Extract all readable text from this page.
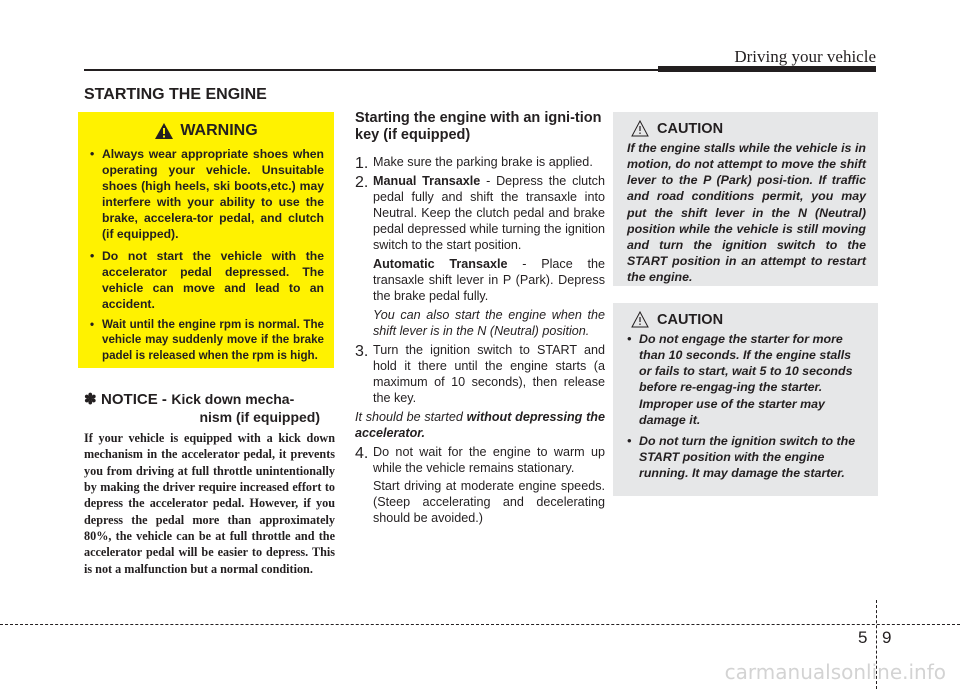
Driving your vehicle
STARTING THE ENGINE
WARNING
• Always wear appropriate shoes when operating your vehicle. Unsuitable shoes (high heels, ski boots,etc.) may interfere with your ability to use the brake, accelera-tor pedal, and clutch (if equipped).
• Do not start the vehicle with the accelerator pedal depressed. The vehicle can move and lead to an accident.
• Wait until the engine rpm is normal. The vehicle may suddenly move if the brake padel is released when the rpm is high.
✽ NOTICE - Kick down mecha-
nism (if equipped)
If your vehicle is equipped with a kick down mechanism in the accelerator pedal, it prevents you from driving at full throttle unintentionally by making the driver require increased effort to depress the accelerator pedal. However, if you depress the pedal more than approximately 80%, the vehicle can be at full throttle and the accelerator pedal will be easier to depress. This is not a malfunction but a normal condition.
Starting the engine with an igni-tion key (if equipped)
1. Make sure the parking brake is applied.

2. Manual Transaxle - Depress the clutch pedal fully and shift the transaxle into Neutral. Keep the clutch pedal and brake pedal depressed while turning the ignition switch to the start position.

Automatic Transaxle - Place the transaxle shift lever in P (Park). Depress the brake pedal fully.

You can also start the engine when the shift lever is in the N (Neutral) position.

3. Turn the ignition switch to START and hold it there until the engine starts (a maximum of 10 seconds), then release the key.

It should be started without depressing the accelerator.

4. Do not wait for the engine to warm up while the vehicle remains stationary.

Start driving at moderate engine speeds. (Steep accelerating and decelerating should be avoided.)

CAUTION

If the engine stalls while the vehicle is in motion, do not attempt to move the shift lever to the P (Park) posi-tion. If traffic and road conditions permit, you may put the shift lever in the N (Neutral) position while the vehicle is still moving and turn the ignition switch to the START position in an attempt to restart the engine.

CAUTION
• Do not engage the starter for more than 10 seconds. If the engine stalls or fails to start, wait 5 to 10 seconds before re-engag-ing the starter. Improper use of the starter may damage it.
• Do not turn the ignition switch to the START position with the engine running. It may damage the starter.
5 9
carmanualsonline.info
